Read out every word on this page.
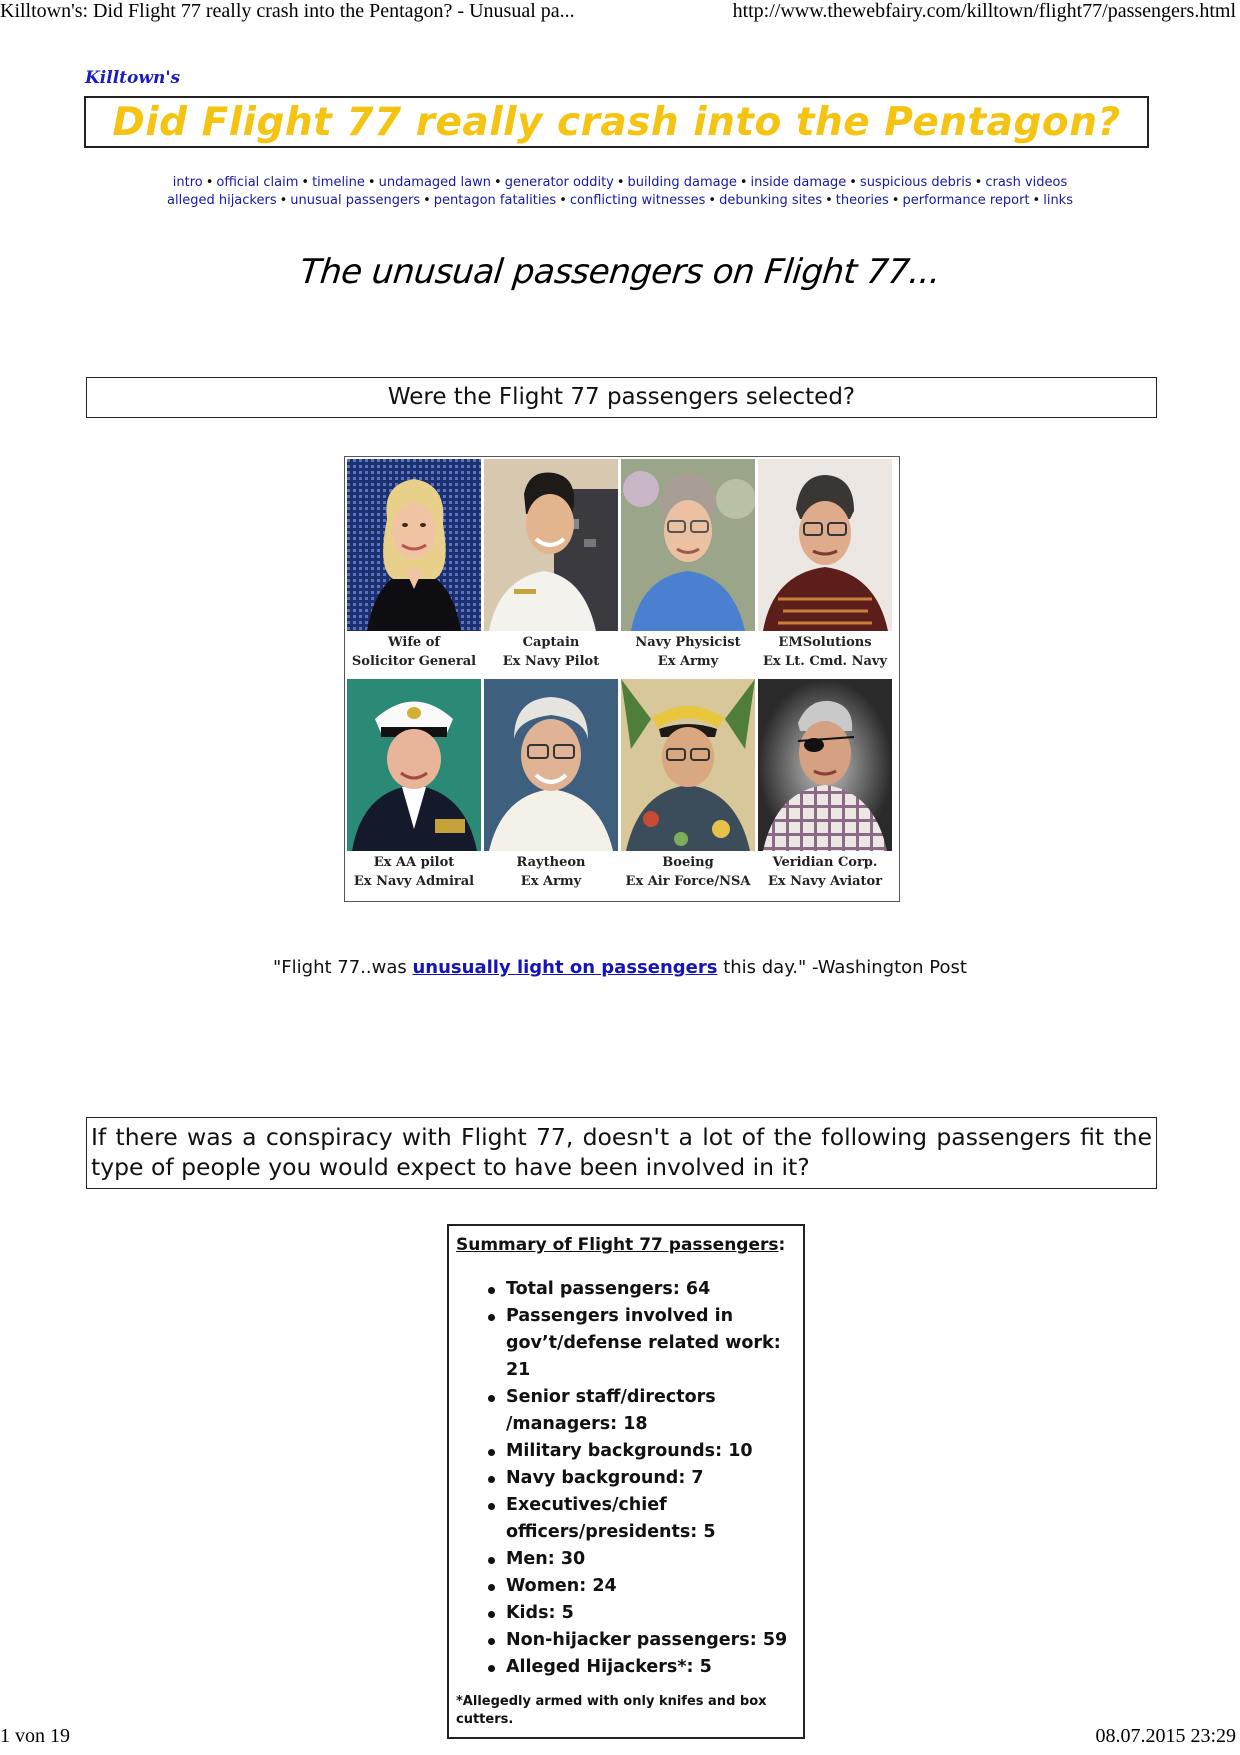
Killtown's: Did Flight 77 really crash into the Pentagon? - Unusual pa...	http://www.thewebfairy.com/killtown/flight77/passengers.html
Killtown's
Did Flight 77 really crash into the Pentagon?
intro • official claim • timeline • undamaged lawn • generator oddity • building damage • inside damage • suspicious debris • crash videos
alleged hijackers • unusual passengers • pentagon fatalities • conflicting witnesses • debunking sites • theories • performance report • links
The unusual passengers on Flight 77...
Were the Flight 77 passengers selected?
Wife of
Solicitor General
Captain
Ex Navy Pilot
Navy Physicist
Ex Army
EMSolutions
Ex Lt. Cmd. Navy
Ex AA pilot
Ex Navy Admiral
Raytheon
Ex Army
Boeing
Ex Air Force/NSA
Veridian Corp.
Ex Navy Aviator
"Flight 77..was unusually light on passengers this day." -Washington Post
If there was a conspiracy with Flight 77, doesn't a lot of the following passengers fit the type of people you would expect to have been involved in it?
Summary of Flight 77 passengers:
Total passengers: 64
Passengers involved in gov’t/defense related work: 21
Senior staff/directors /managers: 18
Military backgrounds: 10
Navy background: 7
Executives/chief officers/presidents: 5
Men: 30
Women: 24
Kids: 5
Non-hijacker passengers: 59
Alleged Hijackers*: 5
*Allegedly armed with only knifes and box cutters.
1 von 19	08.07.2015 23:29
